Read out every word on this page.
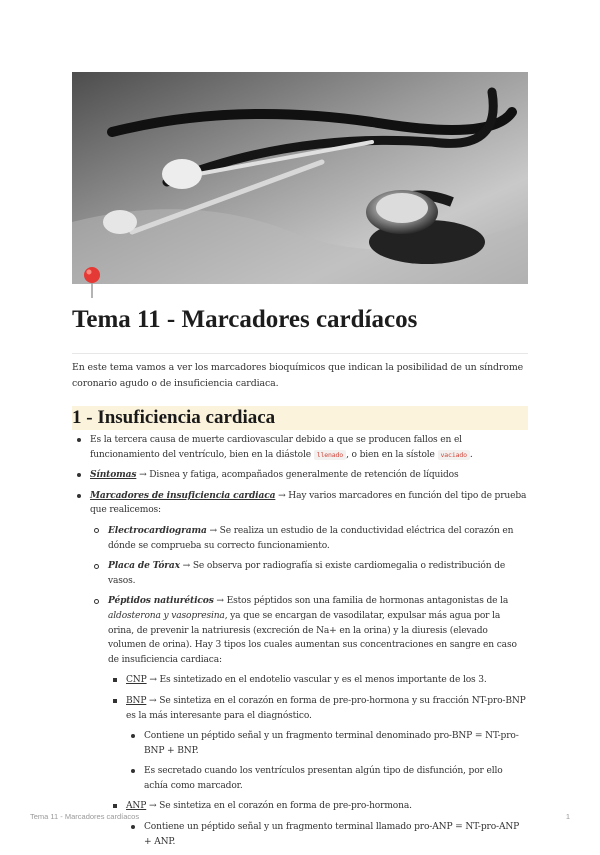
Tema 11 - Marcadores cardíacos
En este tema vamos a ver los marcadores bioquímicos que indican la posibilidad de un síndrome coronario agudo o de insuficiencia cardiaca.
1 - Insuficiencia cardiaca
Es la tercera causa de muerte cardiovascular debido a que se producen fallos en el funcionamiento del ventrículo, bien en la diástole llenado , o bien en la sístole vaciado .
Síntomas → Disnea y fatiga, acompañados generalmente de retención de líquidos
Marcadores de insuficiencia cardiaca → Hay varios marcadores en función del tipo de prueba que realicemos:
Electrocardiograma → Se realiza un estudio de la conductividad eléctrica del corazón en dónde se comprueba su correcto funcionamiento.
Placa de Tórax → Se observa por radiografía si existe cardiomegalia o redistribución de vasos.
Péptidos natiuréticos → Estos péptidos son una familia de hormonas antagonistas de la aldosterona y vasopresina, ya que se encargan de vasodilatar, expulsar más agua por la orina, de prevenir la natriuresis (excreción de Na+ en la orina) y la diuresis (elevado volumen de orina). Hay 3 tipos los cuales aumentan sus concentraciones en sangre en caso de insuficiencia cardiaca:
CNP → Es sintetizado en el endotelio vascular y es el menos importante de los 3.
BNP → Se sintetiza en el corazón en forma de pre-pro-hormona y su fracción NT-pro-BNP es la más interesante para el diagnóstico.
Contiene un péptido señal y un fragmento terminal denominado pro-BNP = NT-pro-BNP + BNP.
Es secretado cuando los ventrículos presentan algún tipo de disfunción, por ello achía como marcador.
ANP → Se sintetiza en el corazón en forma de pre-pro-hormona.
Contiene un péptido señal y un fragmento terminal llamado pro-ANP = NT-pro-ANP + ANP.
Tema 11 - Marcadores cardíacos	1
